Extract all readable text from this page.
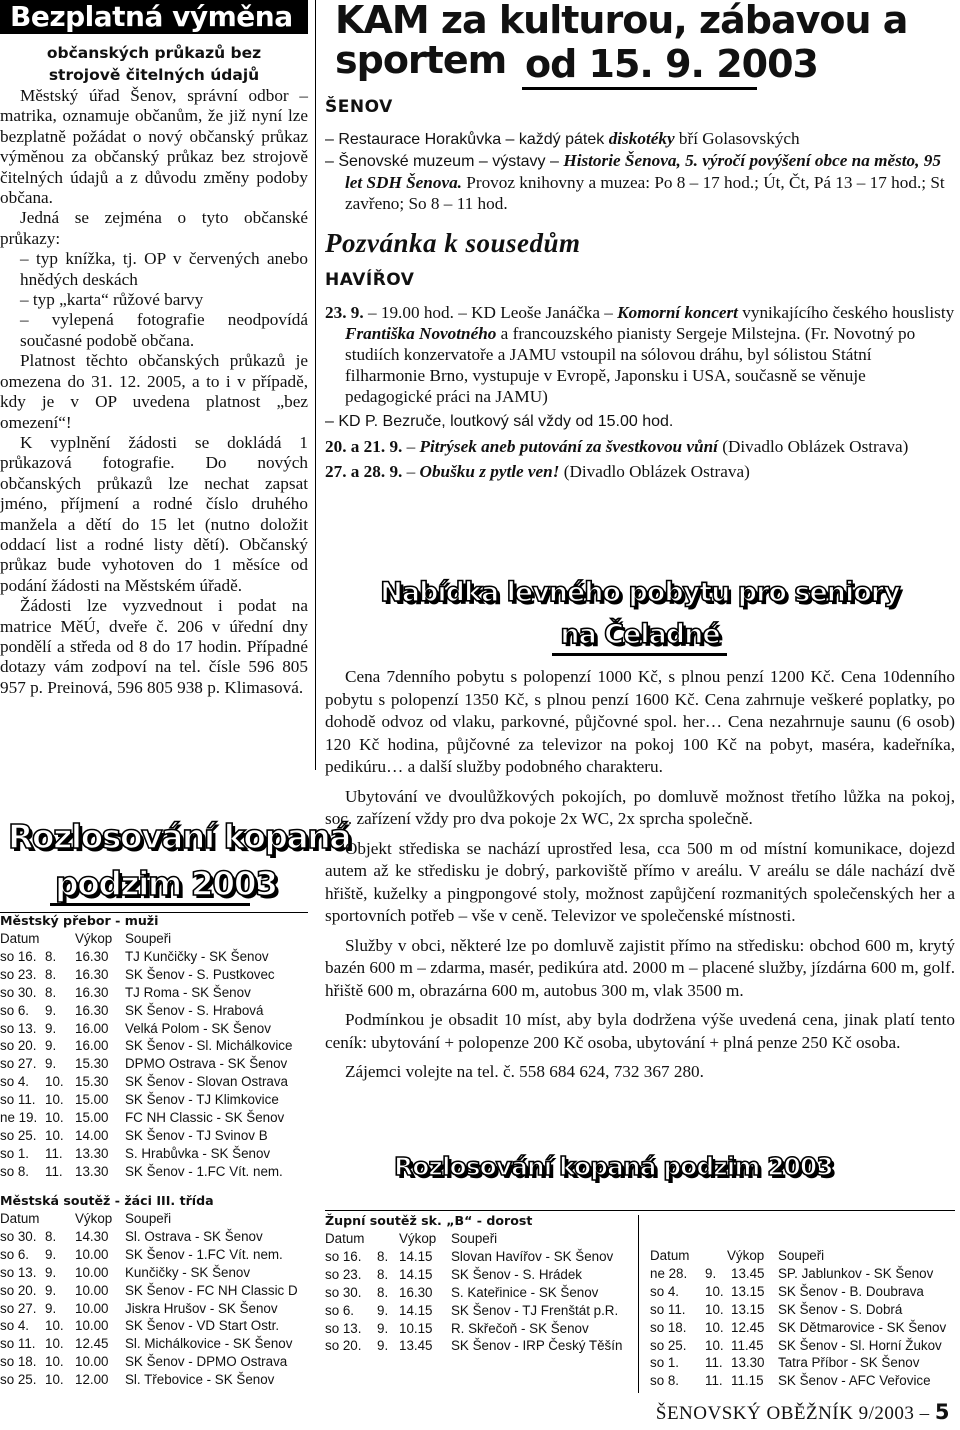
Bezplatná výměna
občanských průkazů bez
strojově čitelných údajů
Městský úřad Šenov, správní odbor – matrika, oznamuje občanům, že již nyní lze bezplatně požádat o nový občanský průkaz výměnou za občanský průkaz bez strojově čitelných údajů a z důvodu změny podoby občana.
Jedná se zejména o tyto občanské průkazy:
– typ knížka, tj. OP v červených anebo hnědých deskách
– typ „karta“ růžové barvy
– vylepená fotografie neodpovídá současné podobě občana.
Platnost těchto občanských průkazů je omezena do 31. 12. 2005, a to i v případě, kdy je v OP uvedena platnost „bez omezení“!
K vyplnění žádosti se dokládá 1 průkazová fotografie. Do nových občanských průkazů lze nechat zapsat jméno, příjmení a rodné číslo druhého manžela a dětí do 15 let (nutno doložit oddací list a rodné listy dětí). Občanský průkaz bude vyhotoven do 1 měsíce od podání žádosti na Městském úřadě.
Žádosti lze vyzvednout i podat na matrice MěÚ, dveře č. 206 v úřední dny pondělí a středa od 8 do 17 hodin. Případné dotazy vám zodpoví na tel. čísle 596 805 957 p. Preinová, 596 805 938 p. Klimasová.
Rozlosování kopaná
podzim 2003
Městský přebor - muži
Datum	Výkop		Soupeři
so 16.	8.	16.30	TJ Kunčičky - SK Šenov
so 23.	8.	16.30	SK Šenov - S. Pustkovec
so 30.	8.	16.30	TJ Roma - SK Šenov
so 6.	9.	16.30	SK Šenov - S. Hrabová
so 13.	9.	16.00	Velká Polom - SK Šenov
so 20.	9.	16.00	SK Šenov - Sl. Michálkovice
so 27.	9.	15.30	DPMO Ostrava - SK Šenov
so 4.	10.	15.30	SK Šenov - Slovan Ostrava
so 11.	10.	15.00	SK Šenov - TJ Klimkovice
ne 19.	10.	15.00	FC NH Classic - SK Šenov
so 25.	10.	14.00	SK Šenov - TJ Svinov B
so 1.	11.	13.30	S. Hrabůvka - SK Šenov
so 8.	11.	13.30	SK Šenov - 1.FC Vít. nem.
Městská soutěž - žáci III. třída
Datum	Výkop		Soupeři
so 30.	8.	14.30	Sl. Ostrava - SK Šenov
so 6.	9.	10.00	SK Šenov - 1.FC Vít. nem.
so 13.	9.	10.00	Kunčičky - SK Šenov
so 20.	9.	10.00	SK Šenov - FC NH Classic D
so 27.	9.	10.00	Jiskra Hrušov - SK Šenov
so 4.	10.	10.00	SK Šenov - VD Start Ostr.
so 11.	10.	12.45	Sl. Michálkovice - SK Šenov
so 18.	10.	10.00	SK Šenov - DPMO Ostrava
so 25.	10.	12.00	Sl. Třebovice - SK Šenov
KAM za kulturou, zábavou a sportem od 15. 9. 2003
ŠENOV
– Restaurace Horakůvka – každý pátek diskotéky bří Golasovských
– Šenovské muzeum – výstavy – Historie Šenova, 5. výročí povýšení obce na město, 95 let SDH Šenova. Provoz knihovny a muzea: Po 8 – 17 hod.; Út, Čt, Pá 13 – 17 hod.; St zavřeno; So 8 – 11 hod.
Pozvánka k sousedům
HAVÍŘOV
23. 9. – 19.00 hod. – KD Leoše Janáčka – Komorní koncert vynikajícího českého houslisty Františka Novotného a francouzského pianisty Sergeje Milstejna. (Fr. Novotný po studiích konzervatoře a JAMU vstoupil na sólovou dráhu, byl sólistou Státní filharmonie Brno, vystupuje v Evropě, Japonsku i USA, současně se věnuje pedagogické práci na JAMU)
– KD P. Bezruče, loutkový sál vždy od 15.00 hod.
20. a 21. 9. – Pitrýsek aneb putování za švestkovou vůní (Divadlo Oblázek Ostrava)
27. a 28. 9. – Obušku z pytle ven! (Divadlo Oblázek Ostrava)
Nabídka levného pobytu pro seniory
na Čeladné
Cena 7denního pobytu s polopenzí 1000 Kč, s plnou penzí 1200 Kč. Cena 10denního pobytu s polopenzí 1350 Kč, s plnou penzí 1600 Kč. Cena zahrnuje veškeré poplatky, po dohodě odvoz od vlaku, parkovné, půjčovné spol. her… Cena nezahrnuje saunu (6 osob) 120 Kč hodina, půjčovné za televizor na pokoj 100 Kč na pobyt, maséra, kadeřníka, pedikúru… a další služby podobného charakteru.
Ubytování ve dvoulůžkových pokojích, po domluvě možnost třetího lůžka na pokoj, soc. zařízení vždy pro dva pokoje 2x WC, 2x sprcha společně.
Objekt střediska se nachází uprostřed lesa, cca 500 m od místní komunikace, dojezd autem až ke středisku je dobrý, parkoviště přímo v areálu. V areálu se dále nachází dvě hřiště, kuželky a pingpongové stoly, možnost zapůjčení rozmanitých společenských her a sportovních potřeb – vše v ceně. Televizor ve společenské místnosti.
Služby v obci, některé lze po domluvě zajistit přímo na středisku: obchod 600 m, krytý bazén 600 m – zdarma, masér, pedikúra atd. 2000 m – placené služby, jízdárna 600 m, golf. hřiště 600 m, obrazárna 600 m, autobus 300 m, vlak 3500 m.
Podmínkou je obsadit 10 míst, aby byla dodržena výše uvedená cena, jinak platí tento ceník: ubytování + polopenze 200 Kč osoba, ubytování + plná penze 250 Kč osoba.
Zájemci volejte na tel. č. 558 684 624, 732 367 280.
Rozlosování kopaná podzim 2003
Župní soutěž sk. „B“ - dorost
Datum	Výkop		Soupeři
so 16.	8.	14.15	Slovan Havířov - SK Šenov
so 23.	8.	14.15	SK Šenov - S. Hrádek
so 30.	8.	16.30	S. Kateřinice - SK Šenov
so 6.	9.	14.15	SK Šenov - TJ Frenštát p.R.
so 13.	9.	10.15	R. Skřečoň - SK Šenov
so 20.	9.	13.45	SK Šenov - IRP Český Těšín
Datum	Výkop		Soupeři
ne 28.	9.	13.45	SP. Jablunkov - SK Šenov
so 4.	10.	13.15	SK Šenov - B. Doubrava
so 11.	10.	13.15	SK Šenov - S. Dobrá
so 18.	10.	12.45	SK Dětmarovice - SK Šenov
so 25.	10.	11.45	SK Šenov - Sl. Horní Žukov
so 1.	11.	13.30	Tatra Příbor - SK Šenov
so 8.	11.	11.15	SK Šenov - AFC Veřovice
ŠENOVSKÝ OBĚŽNÍK 9/2003 – 5
